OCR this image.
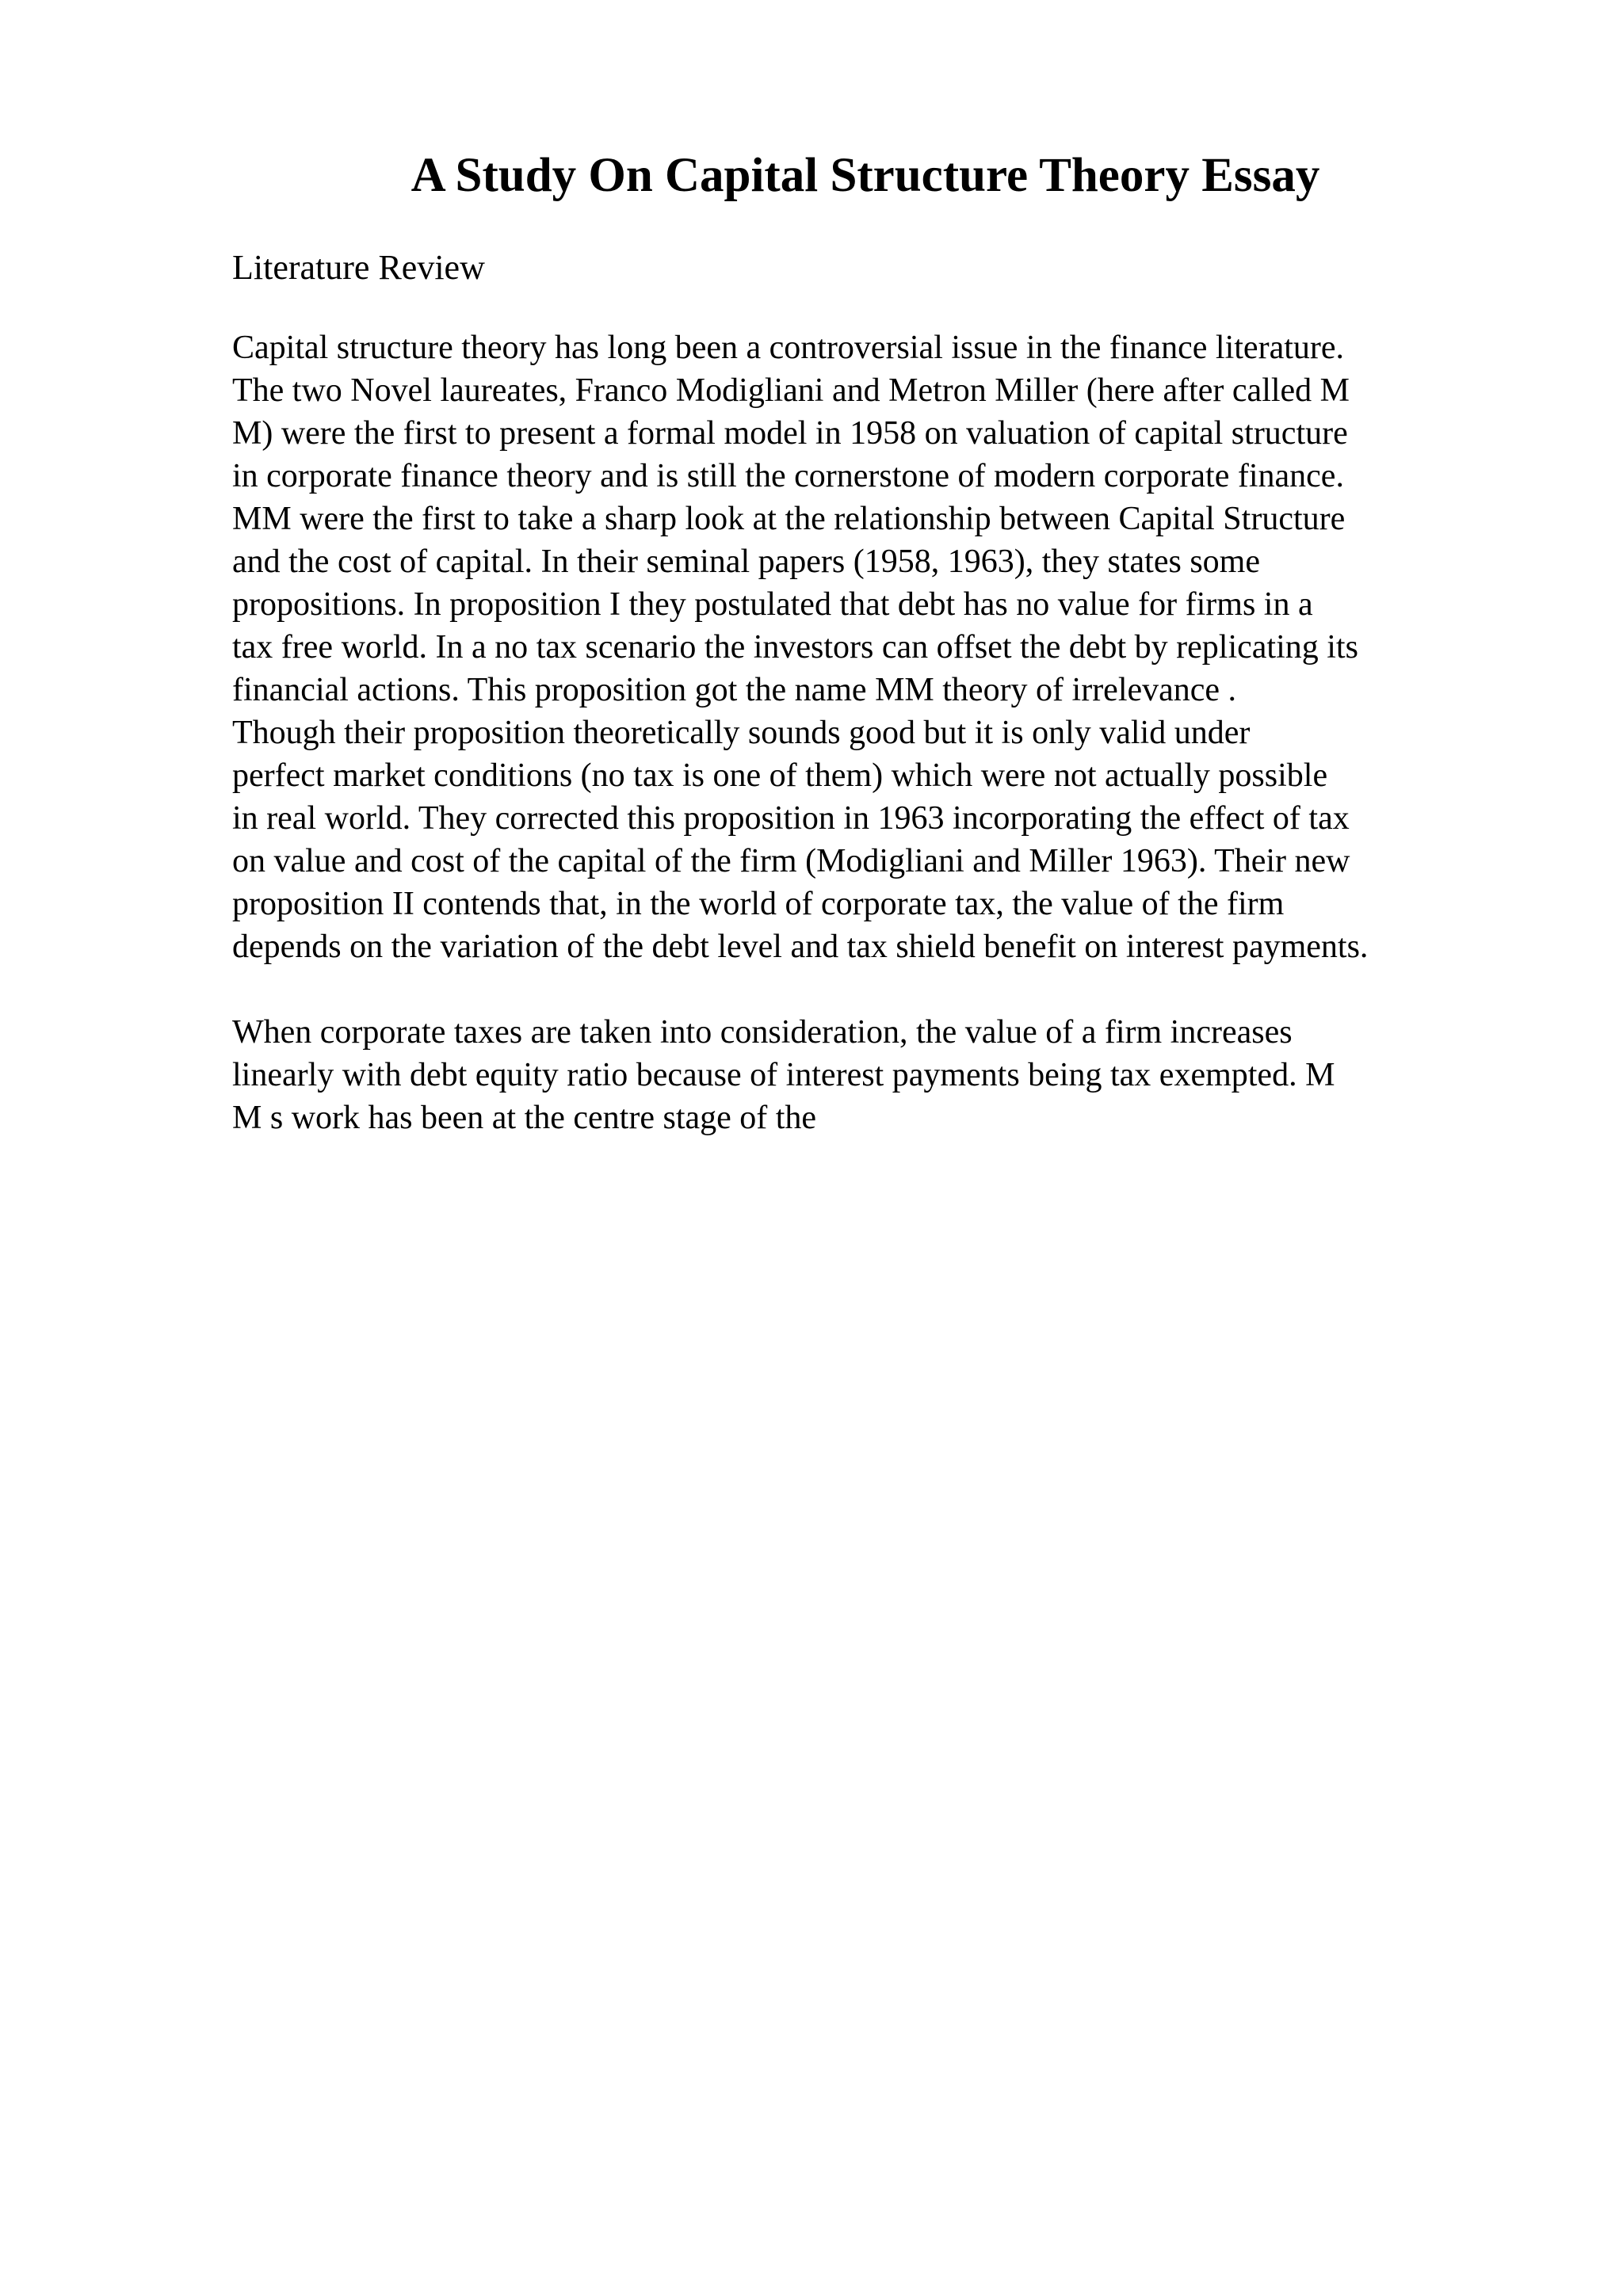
A Study On Capital Structure Theory Essay
Literature Review
Capital structure theory has long been a controversial issue in the finance literature.
The two Novel laureates, Franco Modigliani and Metron Miller (here after called M
M) were the first to present a formal model in 1958 on valuation of capital structure
in corporate finance theory and is still the cornerstone of modern corporate finance.
MM were the first to take a sharp look at the relationship between Capital Structure
and the cost of capital. In their seminal papers (1958, 1963), they states some
propositions. In proposition I they postulated that debt has no value for firms in a
tax free world. In a no tax scenario the investors can offset the debt by replicating its
financial actions. This proposition got the name MM theory of irrelevance .
Though their proposition theoretically sounds good but it is only valid under
perfect market conditions (no tax is one of them) which were not actually possible
in real world. They corrected this proposition in 1963 incorporating the effect of tax
on value and cost of the capital of the firm (Modigliani and Miller 1963). Their new
proposition II contends that, in the world of corporate tax, the value of the firm
depends on the variation of the debt level and tax shield benefit on interest payments.
When corporate taxes are taken into consideration, the value of a firm increases
linearly with debt equity ratio because of interest payments being tax exempted. M
M s work has been at the centre stage of the
